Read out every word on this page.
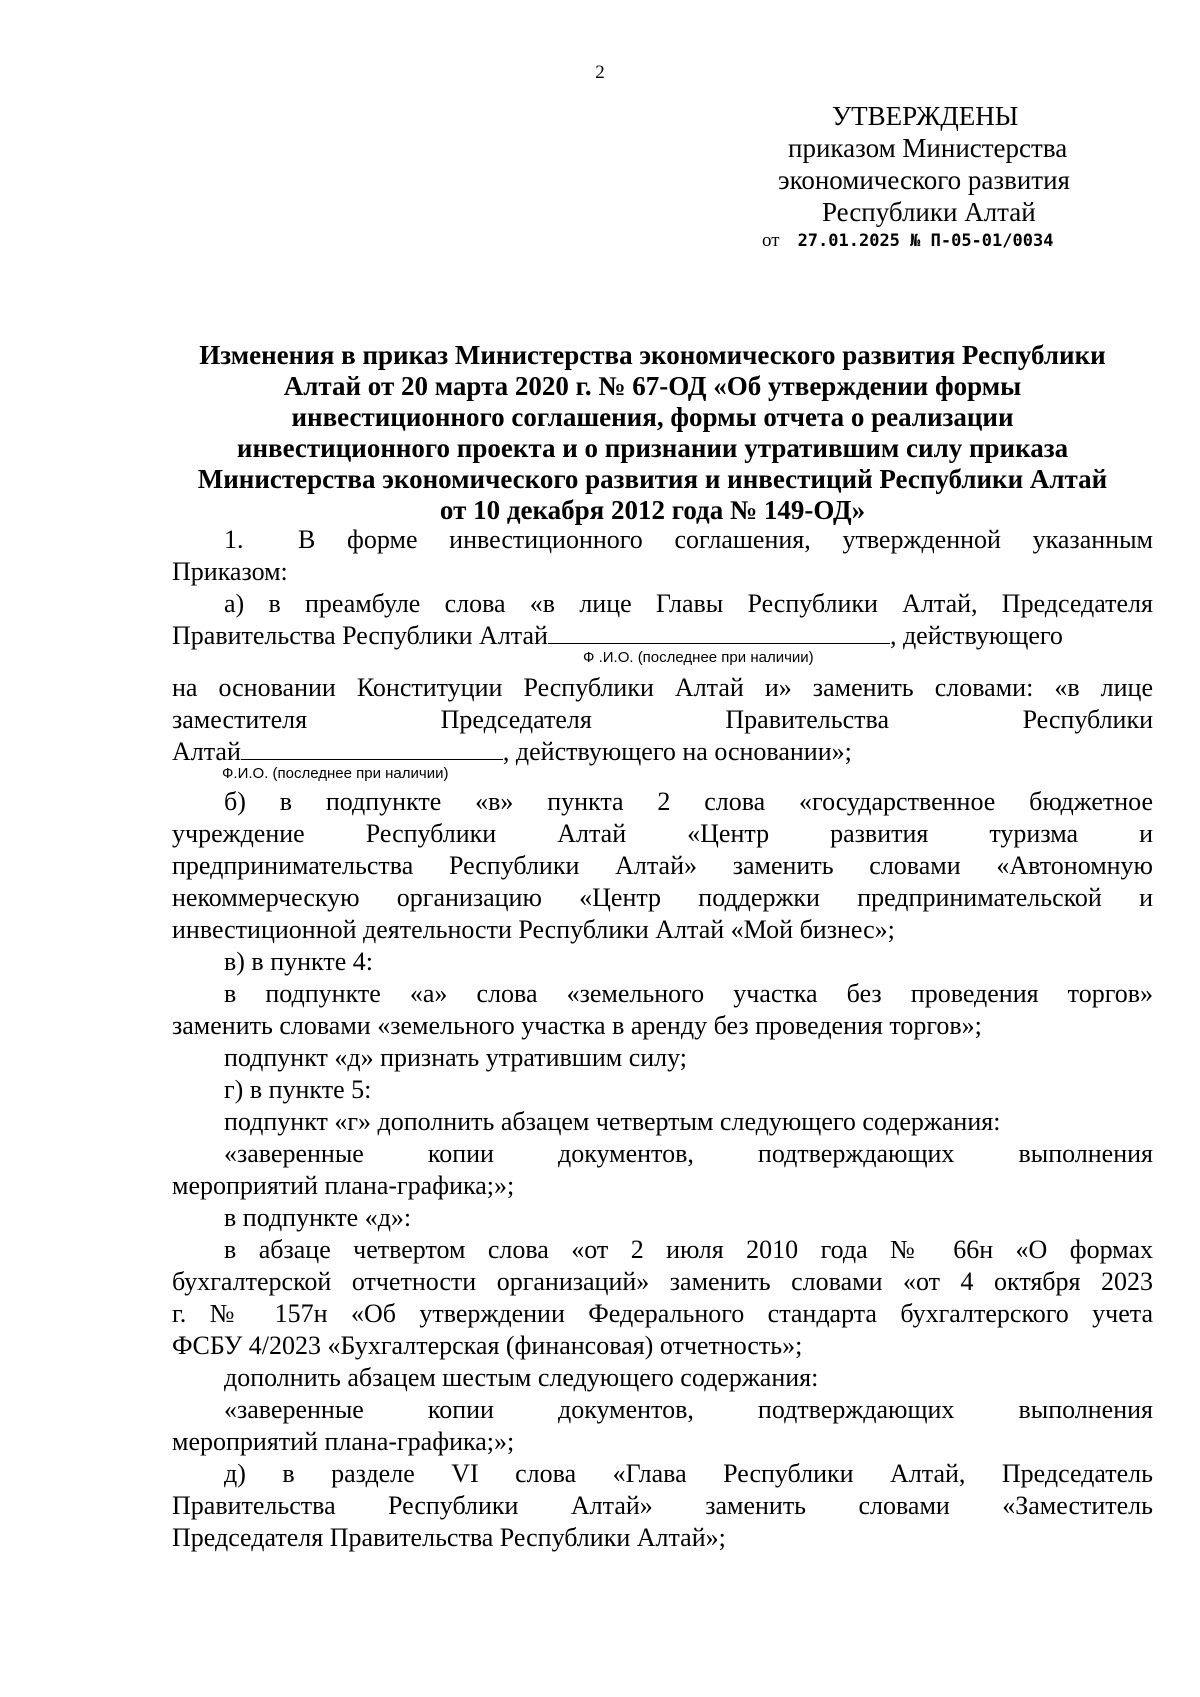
2
УТВЕРЖДЕНЫ
приказом Министерства
экономического развития
Республики Алтай
от 27.01.2025 № П-05-01/0034
Изменения в приказ Министерства экономического развития Республики
Алтай от 20 марта 2020 г. № 67-ОД «Об утверждении формы
инвестиционного соглашения, формы отчета о реализации
инвестиционного проекта и о признании утратившим силу приказа
Министерства экономического развития и инвестиций Республики Алтай
от 10 декабря 2012 года № 149-ОД»
1. В форме инвестиционного соглашения, утвержденной указанным
Приказом:
а) в преамбуле слова «в лице Главы Республики Алтай, Председателя
Правительства Республики Алтай	, действующего
Ф .И.О. (последнее при наличии)
на основании Конституции Республики Алтай и» заменить словами: «в лице
заместителя Председателя Правительства Республики
Алтай	, действующего на основании»;
Ф.И.О. (последнее при наличии)
б) в подпункте «в» пункта 2 слова «государственное бюджетное
учреждение Республики Алтай «Центр развития туризма и
предпринимательства Республики Алтай» заменить словами «Автономную
некоммерческую организацию «Центр поддержки предпринимательской и
инвестиционной деятельности Республики Алтай «Мой бизнес»;
в) в пункте 4:
в подпункте «а» слова «земельного участка без проведения торгов»
заменить словами «земельного участка в аренду без проведения торгов»;
подпункт «д» признать утратившим силу;
г) в пункте 5:
подпункт «г» дополнить абзацем четвертым следующего содержания:
«заверенные копии документов, подтверждающих выполнения
мероприятий плана-графика;»;
в подпункте «д»:
в абзаце четвертом слова «от 2 июля 2010 года № 66н «О формах
бухгалтерской отчетности организаций» заменить словами «от 4 октября 2023
г. № 157н «Об утверждении Федерального стандарта бухгалтерского учета
ФСБУ 4/2023 «Бухгалтерская (финансовая) отчетность»;
дополнить абзацем шестым следующего содержания:
«заверенные копии документов, подтверждающих выполнения
мероприятий плана-графика;»;
д) в разделе VI слова «Глава Республики Алтай, Председатель
Правительства Республики Алтай» заменить словами «Заместитель
Председателя Правительства Республики Алтай»;
